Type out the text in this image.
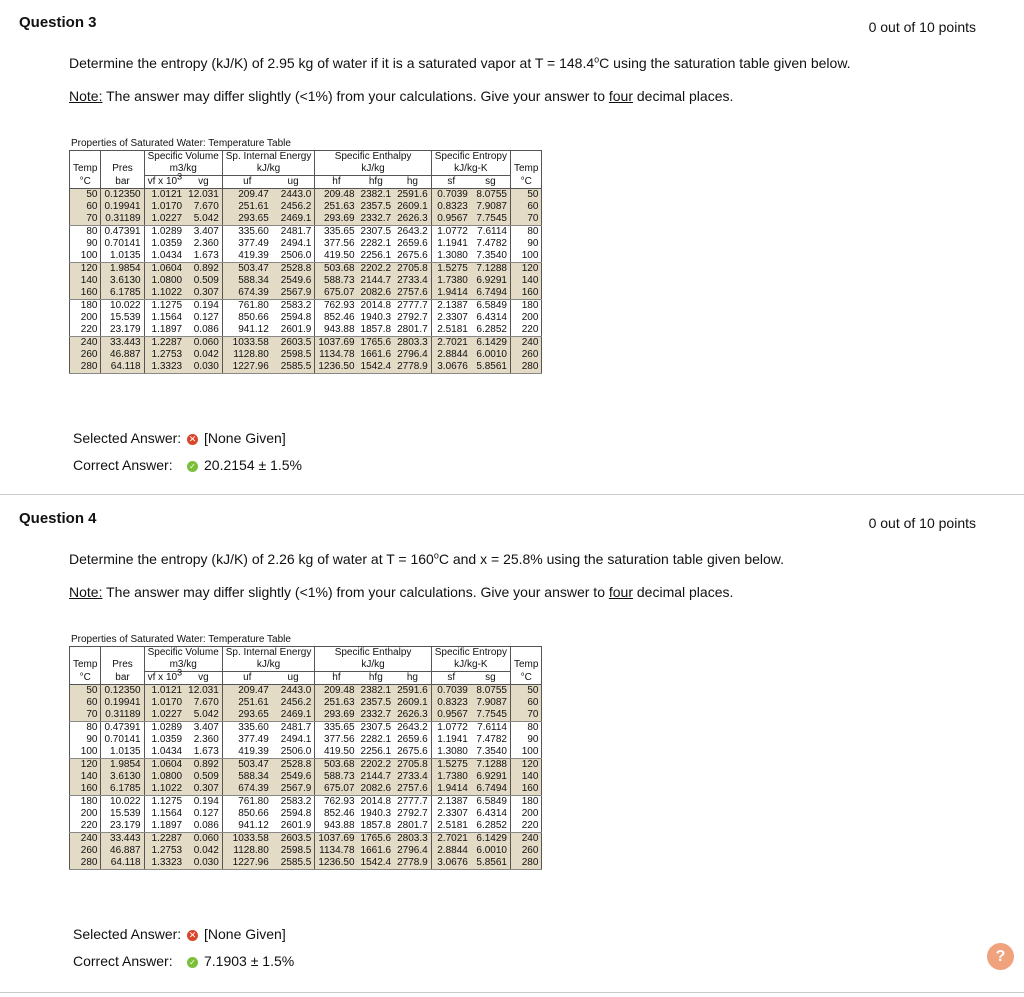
Question 3	0 out of 10 points
Determine the entropy (kJ/K) of 2.95 kg of water if it is a saturated vapor at $T = 148.4^oC$ using the saturation table given below.
Note: The answer may differ slightly (<1%) from your calculations. Give your answer to four decimal places.
Properties of Saturated Water: Temperature Table
		Specific Volume		Sp. Internal Energy		Specific Enthalpy			Specific Entropy		
Temp	Pres	m3/kg		kJ/kg		kJ/kg			kJ/kg-K		Temp
°C	bar	vf x $10^3$	vg	uf	ug	hf	hfg	hg	sf	sg	°C
50	0.12350	1.0121	12.031	209.47	2443.0	209.48	2382.1	2591.6	0.7039	8.0755	50
60	0.19941	1.0170	7.670	251.61	2456.2	251.63	2357.5	2609.1	0.8323	7.9087	60
70	0.31189	1.0227	5.042	293.65	2469.1	293.69	2332.7	2626.3	0.9567	7.7545	70
80	0.47391	1.0289	3.407	335.60	2481.7	335.65	2307.5	2643.2	1.0772	7.6114	80
90	0.70141	1.0359	2.360	377.49	2494.1	377.56	2282.1	2659.6	1.1941	7.4782	90
100	1.0135	1.0434	1.673	419.39	2506.0	419.50	2256.1	2675.6	1.3080	7.3540	100
120	1.9854	1.0604	0.892	503.47	2528.8	503.68	2202.2	2705.8	1.5275	7.1288	120
140	3.6130	1.0800	0.509	588.34	2549.6	588.73	2144.7	2733.4	1.7380	6.9291	140
160	6.1785	1.1022	0.307	674.39	2567.9	675.07	2082.6	2757.6	1.9414	6.7494	160
180	10.022	1.1275	0.194	761.80	2583.2	762.93	2014.8	2777.7	2.1387	6.5849	180
200	15.539	1.1564	0.127	850.66	2594.8	852.46	1940.3	2792.7	2.3307	6.4314	200
220	23.179	1.1897	0.086	941.12	2601.9	943.88	1857.8	2801.7	2.5181	6.2852	220
240	33.443	1.2287	0.060	1033.58	2603.5	1037.69	1765.6	2803.3	2.7021	6.1429	240
260	46.887	1.2753	0.042	1128.80	2598.5	1134.78	1661.6	2796.4	2.8844	6.0010	260
280	64.118	1.3323	0.030	1227.96	2585.5	1236.50	1542.4	2778.9	3.0676	5.8561	280
Selected Answer: ✕ [None Given]
Correct Answer: ✓ 20.2154 ± 1.5%
Question 4	0 out of 10 points
Determine the entropy (kJ/K) of 2.26 kg of water at $T = 160^oC$ and x = 25.8% using the saturation table given below.
Note: The answer may differ slightly (<1%) from your calculations. Give your answer to four decimal places.
Properties of Saturated Water: Temperature Table
		Specific Volume		Sp. Internal Energy		Specific Enthalpy			Specific Entropy		
Temp	Pres	m3/kg		kJ/kg		kJ/kg			kJ/kg-K		Temp
°C	bar	vf x $10^3$	vg	uf	ug	hf	hfg	hg	sf	sg	°C
50	0.12350	1.0121	12.031	209.47	2443.0	209.48	2382.1	2591.6	0.7039	8.0755	50
60	0.19941	1.0170	7.670	251.61	2456.2	251.63	2357.5	2609.1	0.8323	7.9087	60
70	0.31189	1.0227	5.042	293.65	2469.1	293.69	2332.7	2626.3	0.9567	7.7545	70
80	0.47391	1.0289	3.407	335.60	2481.7	335.65	2307.5	2643.2	1.0772	7.6114	80
90	0.70141	1.0359	2.360	377.49	2494.1	377.56	2282.1	2659.6	1.1941	7.4782	90
100	1.0135	1.0434	1.673	419.39	2506.0	419.50	2256.1	2675.6	1.3080	7.3540	100
120	1.9854	1.0604	0.892	503.47	2528.8	503.68	2202.2	2705.8	1.5275	7.1288	120
140	3.6130	1.0800	0.509	588.34	2549.6	588.73	2144.7	2733.4	1.7380	6.9291	140
160	6.1785	1.1022	0.307	674.39	2567.9	675.07	2082.6	2757.6	1.9414	6.7494	160
180	10.022	1.1275	0.194	761.80	2583.2	762.93	2014.8	2777.7	2.1387	6.5849	180
200	15.539	1.1564	0.127	850.66	2594.8	852.46	1940.3	2792.7	2.3307	6.4314	200
220	23.179	1.1897	0.086	941.12	2601.9	943.88	1857.8	2801.7	2.5181	6.2852	220
240	33.443	1.2287	0.060	1033.58	2603.5	1037.69	1765.6	2803.3	2.7021	6.1429	240
260	46.887	1.2753	0.042	1128.80	2598.5	1134.78	1661.6	2796.4	2.8844	6.0010	260
280	64.118	1.3323	0.030	1227.96	2585.5	1236.50	1542.4	2778.9	3.0676	5.8561	280
Selected Answer: ✕ [None Given]
Correct Answer: ✓ 7.1903 ± 1.5%	?
